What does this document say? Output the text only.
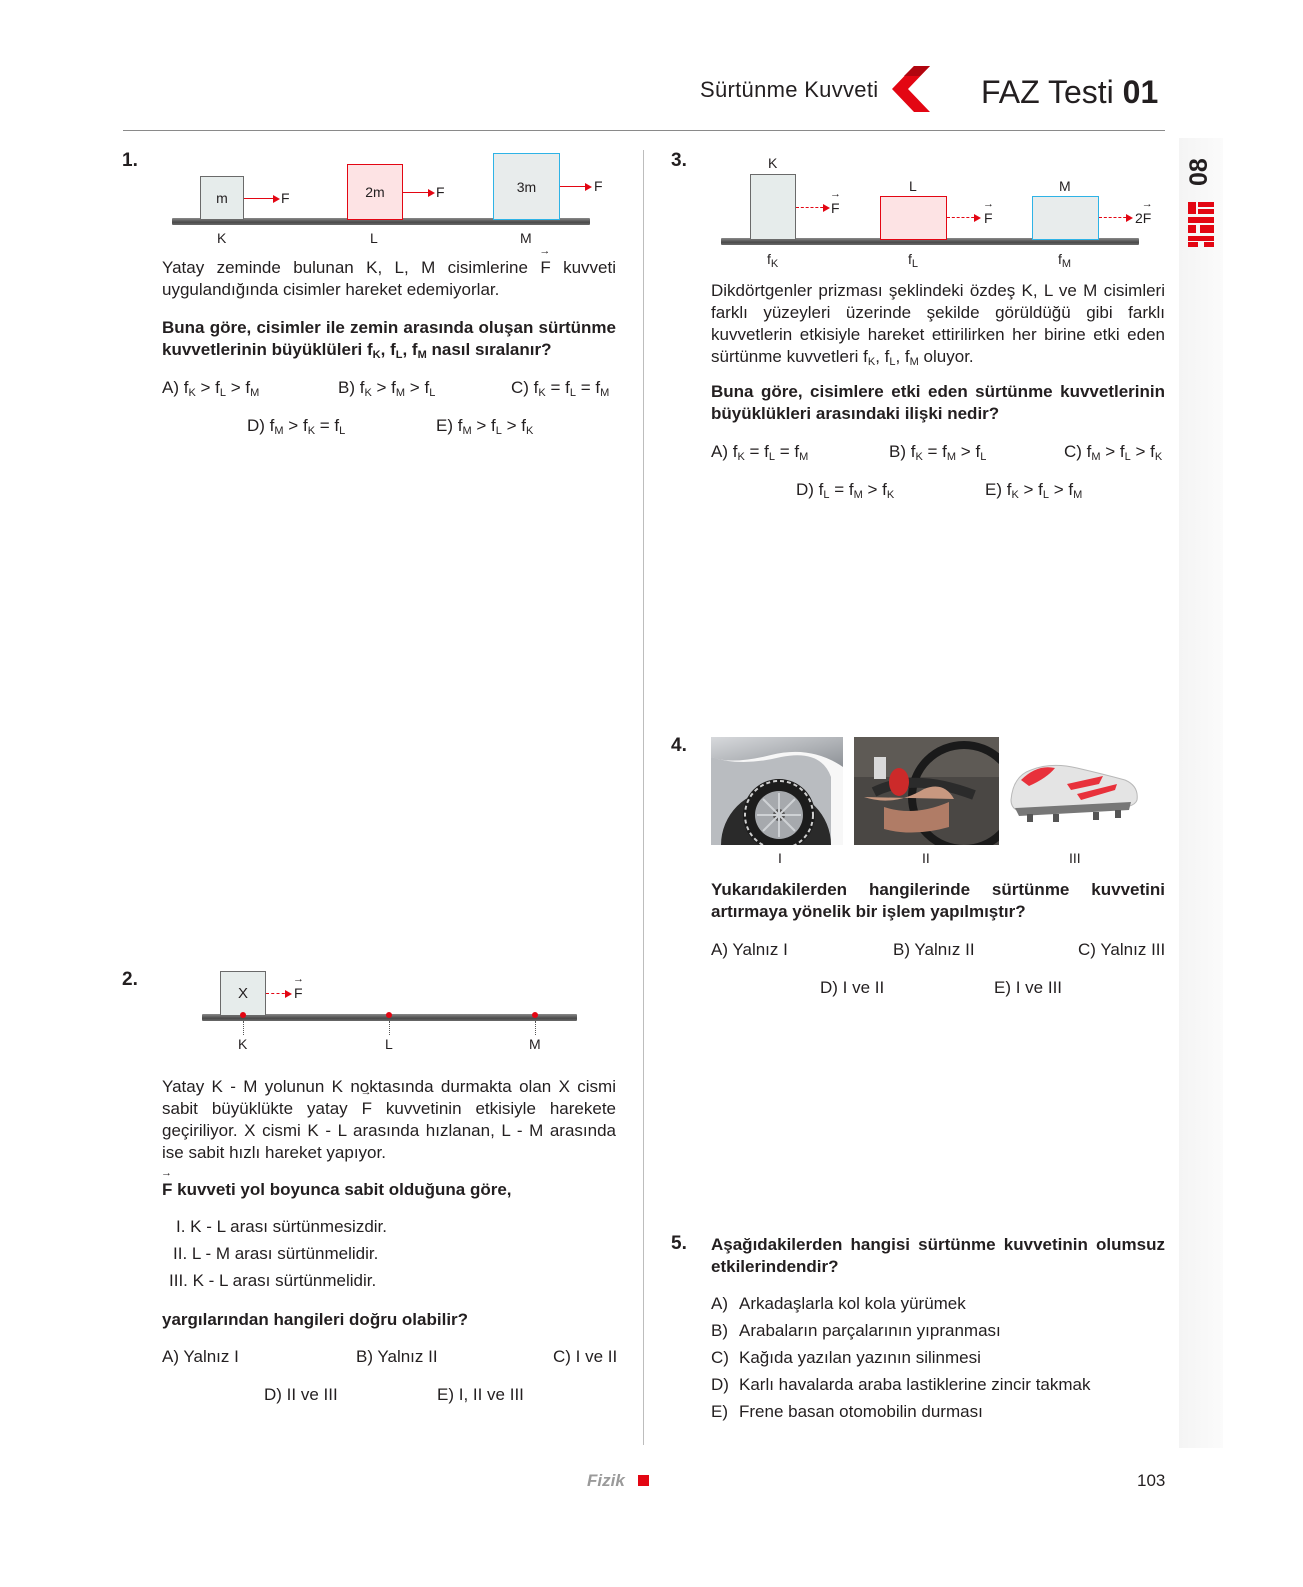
Sürtünme Kuvveti	FAZ Testi 01
08
1.
m	2m	3m
F	F	F
K	L	M
Yatay zeminde bulunan K, L, M cisimlerine → F kuvveti uygulandığında cisimler hareket edemiyorlar.
Buna göre, cisimler ile zemin arasında oluşan sürtünme kuvvetlerinin büyüklüleri $f_K$, $f_L$, $f_M$ nasıl sıralanır?
A) $f_K > f_L > f_M$	B) $f_K > f_M > f_L$	C) $f_K = f_L = f_M$
D) $f_M > f_K = f_L$	E) $f_M > f_L > f_K$
2.
X
→	F
K	L	M
Yatay K - M yolunun K noktasında durmakta olan X cismi sabit büyüklükte yatay → F kuvvetinin etkisiyle harekete geçiriliyor. X cismi K - L arasında hızlanan, L - M arasında ise sabit hızlı hareket yapıyor.
→ F kuvveti yol boyunca sabit olduğuna göre,
I. K - L arası sürtünmesizdir.
II. L - M arası sürtünmelidir.
III. K - L arası sürtünmelidir.
yargılarından hangileri doğru olabilir?
A) Yalnız I	B) Yalnız II	C) I ve II
D) II ve III	E) I, II ve III
3.	K
L	M
→ F
→ F	2→ F
$f_K$	$f_L$	$f_M$
Dikdörtgenler prizması şeklindeki özdeş K, L ve M cisimleri farklı yüzeyleri üzerinde şekilde görüldüğü gibi farklı kuvvetlerin etkisiyle hareket ettirilirken her birine etki eden sürtünme kuvvetleri $f_K$, $f_L$, $f_M$ oluyor.
Buna göre, cisimlere etki eden sürtünme kuvvetlerinin büyüklükleri arasındaki ilişki nedir?
A) $f_K = f_L = f_M$	B) $f_K = f_M > f_L$	C) $f_M > f_L > f_K$
D) $f_L = f_M > f_K$	E) $f_K > f_L > f_M$
4.
I	II	III
Yukarıdakilerden hangilerinde sürtünme kuvvetini artırmaya yönelik bir işlem yapılmıştır?
A) Yalnız I	B) Yalnız II	C) Yalnız III
D) I ve II	E) I ve III
5. Aşağıdakilerden hangisi sürtünme kuvvetinin olumsuz etkilerindendir?
A) Arkadaşlarla kol kola yürümek
B) Arabaların parçalarının yıpranması
C) Kağıda yazılan yazının silinmesi
D) Karlı havalarda araba lastiklerine zincir takmak
E) Frene basan otomobilin durması
Fizik	103
